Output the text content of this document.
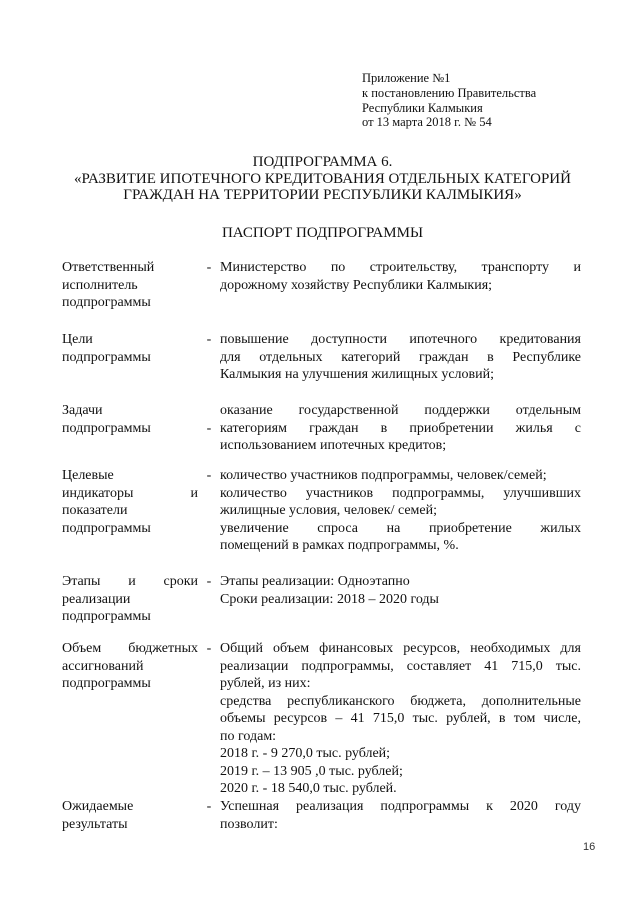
Приложение №1
к постановлению Правительства
Республики Калмыкия
от 13 марта 2018 г. № 54
ПОДПРОГРАММА 6.
«РАЗВИТИЕ ИПОТЕЧНОГО КРЕДИТОВАНИЯ ОТДЕЛЬНЫХ КАТЕГОРИЙ
ГРАЖДАН НА ТЕРРИТОРИИ РЕСПУБЛИКИ КАЛМЫКИЯ»
ПАСПОРТ ПОДПРОГРАММЫ
Ответственный
исполнитель
подпрограммы
- Министерство по строительству, транспорту и
дорожному хозяйству Республики Калмыкия;
Цели
подпрограммы
- повышение доступности ипотечного кредитования
для отдельных категорий граждан в Республике
Калмыкия на улучшения жилищных условий;
Задачи
подпрограммы	-
оказание государственной поддержки отдельным
категориям граждан в приобретении жилья с
использованием ипотечных кредитов;
Целевые
индикаторы и
показатели
подпрограммы
- количество участников подпрограммы, человек/семей;
количество участников подпрограммы, улучшивших
жилищные условия, человек/ семей;
увеличение спроса на приобретение жилых
помещений в рамках подпрограммы, %.
Этапы и сроки
реализации
подпрограммы
- Этапы реализации: Одноэтапно
Сроки реализации: 2018 – 2020 годы
Объем бюджетных
ассигнований
подпрограммы
- Общий объем финансовых ресурсов, необходимых для
реализации подпрограммы, составляет 41 715,0 тыс.
рублей, из них:
средства республиканского бюджета, дополнительные
объемы ресурсов – 41 715,0 тыс. рублей, в том числе,
по годам:
2018 г. - 9 270,0 тыс. рублей;
2019 г. – 13 905 ,0 тыс. рублей;
2020 г. - 18 540,0 тыс. рублей.
Ожидаемые
результаты
- Успешная реализация подпрограммы к 2020 году
позволит:
16
